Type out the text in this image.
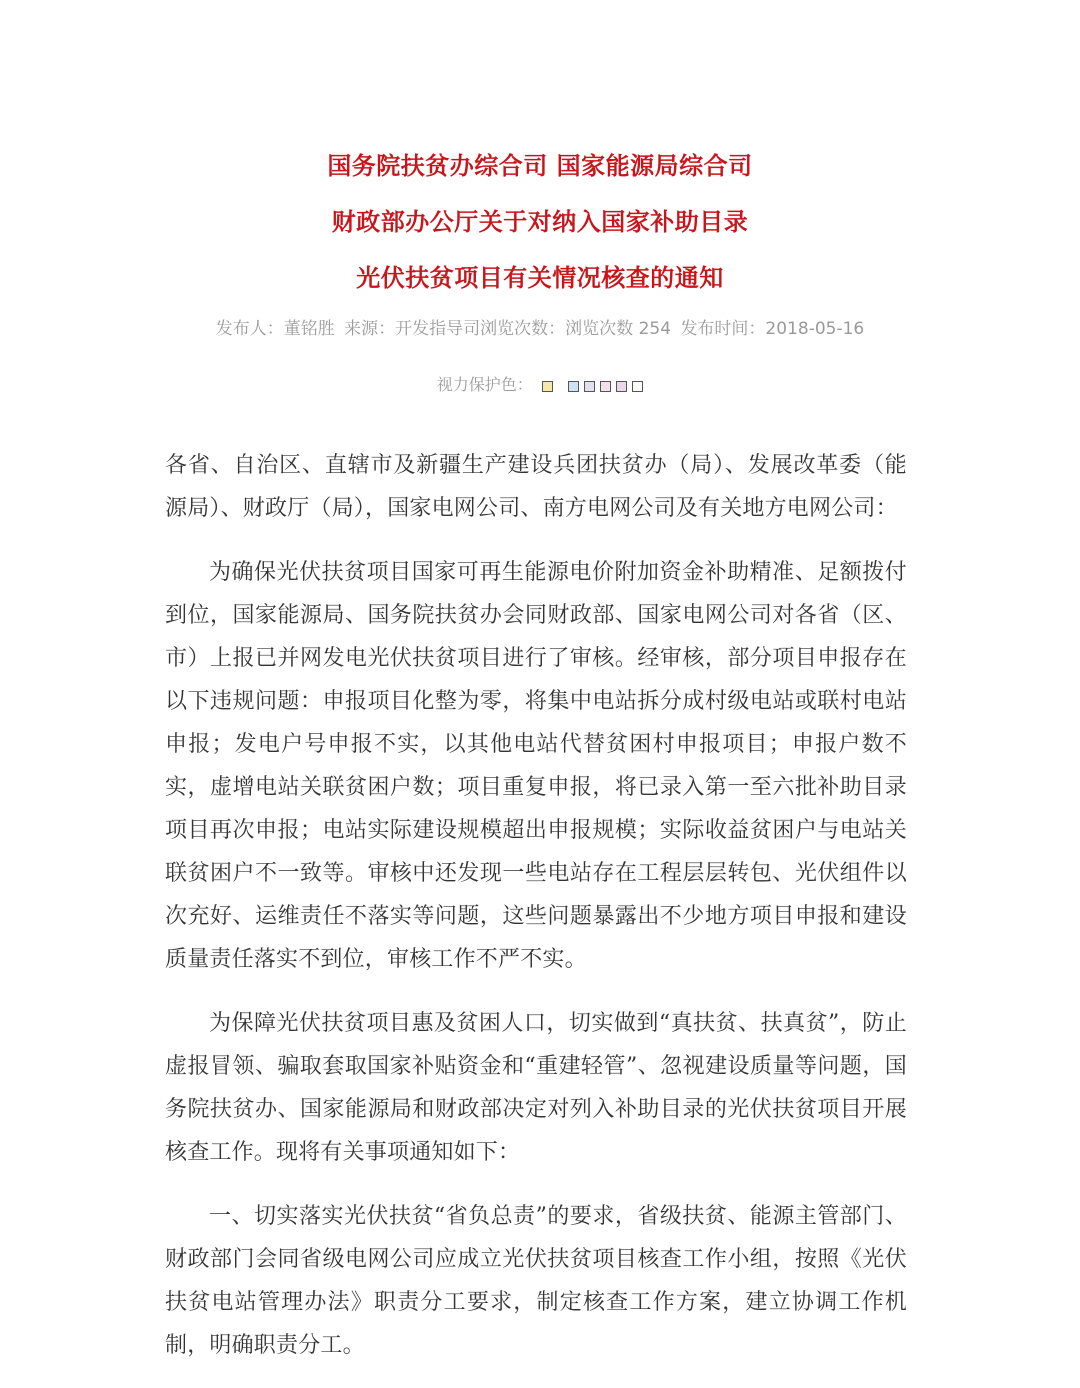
国务院扶贫办综合司 国家能源局综合司
财政部办公厅关于对纳入国家补助目录
光伏扶贫项目有关情况核查的通知
发布人：董铭胜 来源：开发指导司浏览次数：浏览次数 254 发布时间：2018-05-16
视力保护色：

各省、自治区、直辖市及新疆生产建设兵团扶贫办（局）、发展改革委（能源局）、财政厅（局），国家电网公司、南方电网公司及有关地方电网公司：

为确保光伏扶贫项目国家可再生能源电价附加资金补助精准、足额拨付到位，国家能源局、国务院扶贫办会同财政部、国家电网公司对各省（区、市）上报已并网发电光伏扶贫项目进行了审核。经审核，部分项目申报存在以下违规问题：申报项目化整为零，将集中电站拆分成村级电站或联村电站申报；发电户号申报不实，以其他电站代替贫困村申报项目；申报户数不实，虚增电站关联贫困户数；项目重复申报，将已录入第一至六批补助目录项目再次申报；电站实际建设规模超出申报规模；实际收益贫困户与电站关联贫困户不一致等。审核中还发现一些电站存在工程层层转包、光伏组件以次充好、运维责任不落实等问题，这些问题暴露出不少地方项目申报和建设质量责任落实不到位，审核工作不严不实。

为保障光伏扶贫项目惠及贫困人口，切实做到“真扶贫、扶真贫”，防止虚报冒领、骗取套取国家补贴资金和“重建轻管”、忽视建设质量等问题，国务院扶贫办、国家能源局和财政部决定对列入补助目录的光伏扶贫项目开展核查工作。现将有关事项通知如下：

一、切实落实光伏扶贫“省负总责”的要求，省级扶贫、能源主管部门、财政部门会同省级电网公司应成立光伏扶贫项目核查工作小组，按照《光伏扶贫电站管理办法》职责分工要求，制定核查工作方案，建立协调工作机制，明确职责分工。
